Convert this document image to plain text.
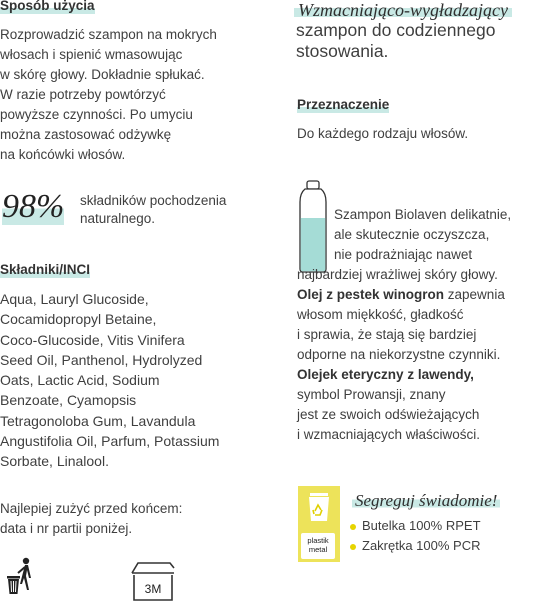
Sposób użycia
Rozprowadzić szampon na mokrych
włosach i spienić wmasowując
w skórę głowy. Dokładnie spłukać.
W razie potrzeby powtórzyć
powyższe czynności. Po umyciu
można zastosować odżywkę
na końcówki włosów.
Wzmacniająco-wygładzający
szampon do codziennego
stosowania.
Przeznaczenie
Do każdego rodzaju włosów.
98% składników pochodzenia
naturalnego.	Szampon Biolaven delikatnie,
ale skutecznie oczyszcza,
nie podrażniając nawet
najbardziej wrażliwej skóry głowy.
Olej z pestek winogron zapewnia
włosom miękkość, gładkość
i sprawia, że stają się bardziej
odporne na niekorzystne czynniki.
Olejek eteryczny z lawendy,
symbol Prowansji, znany
jest ze swoich odświeżających
i wzmacniających właściwości.
Składniki/INCI
Aqua, Lauryl Glucoside,
Cocamidopropyl Betaine,
Coco-Glucoside, Vitis Vinifera
Seed Oil, Panthenol, Hydrolyzed
Oats, Lactic Acid, Sodium
Benzoate, Cyamopsis
Tetragonoloba Gum, Lavandula
Angustifolia Oil, Parfum, Potassium
Sorbate, Linalool.
Najlepiej zużyć przed końcem:
data i nr partii poniżej.
3M
plastik
metal
Segreguj świadomie!
Butelka 100% RPET
Zakrętka 100% PCR
